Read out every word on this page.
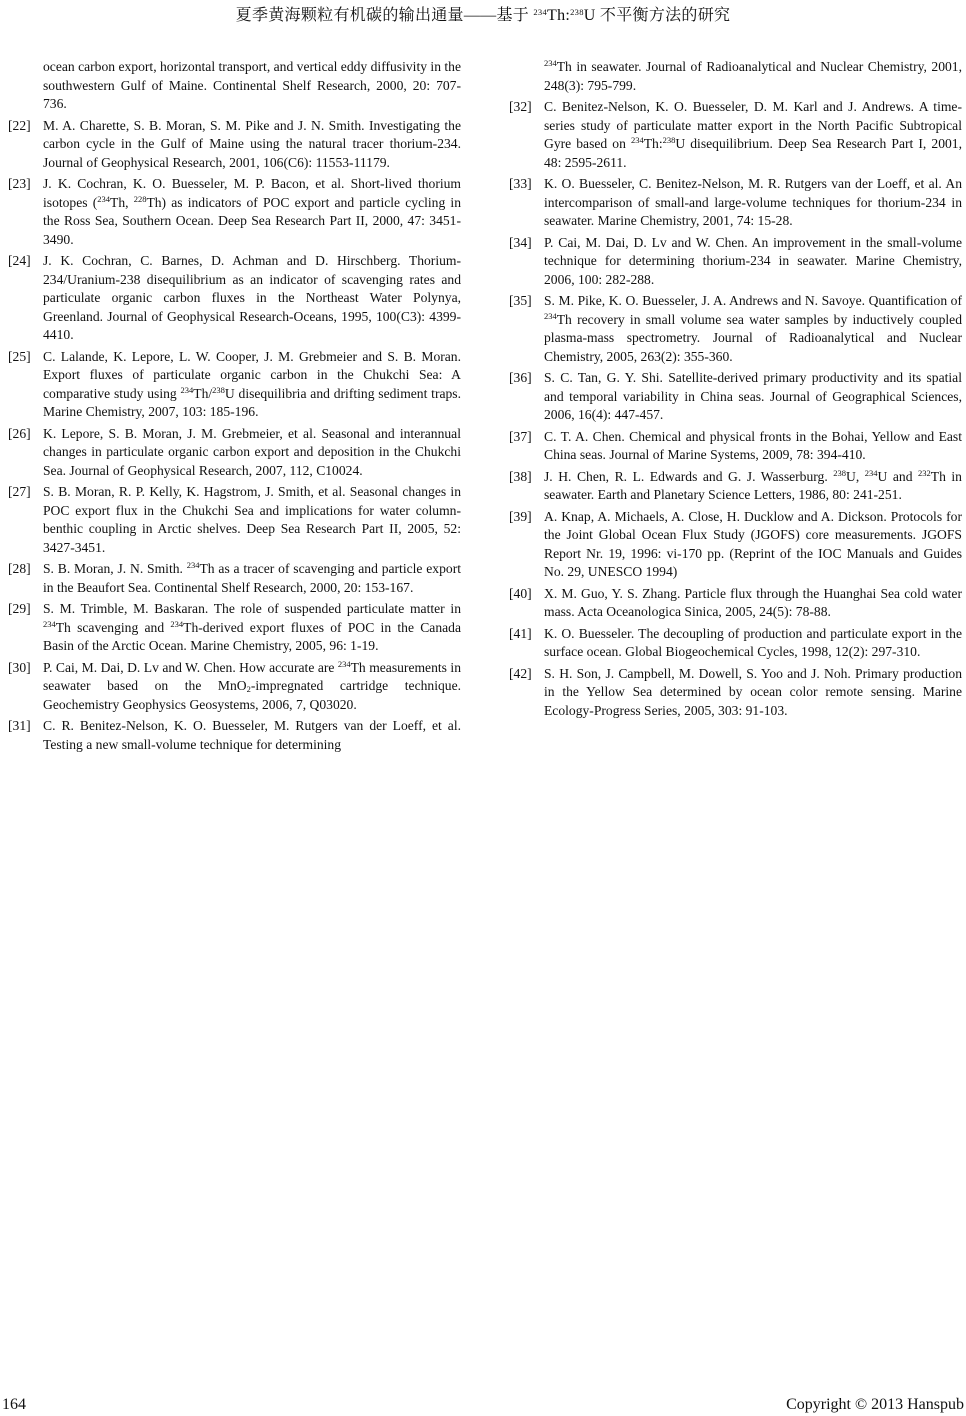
夏季黄海颗粒有机碳的输出通量——基于 $^{234}$Th:$^{238}$U 不平衡方法的研究
ocean carbon export, horizontal transport, and vertical eddy diffusivity in the southwestern Gulf of Maine. Continental Shelf Research, 2000, 20: 707-736.
[22] M. A. Charette, S. B. Moran, S. M. Pike and J. N. Smith. Investigating the carbon cycle in the Gulf of Maine using the natural tracer thorium-234. Journal of Geophysical Research, 2001, 106(C6): 11553-11179.
[23] J. K. Cochran, K. O. Buesseler, M. P. Bacon, et al. Short-lived thorium isotopes ($^{234}$Th, $^{228}$Th) as indicators of POC export and particle cycling in the Ross Sea, Southern Ocean. Deep Sea Research Part II, 2000, 47: 3451-3490.
[24] J. K. Cochran, C. Barnes, D. Achman and D. Hirschberg. Thorium-234/Uranium-238 disequilibrium as an indicator of scavenging rates and particulate organic carbon fluxes in the Northeast Water Polynya, Greenland. Journal of Geophysical Research-Oceans, 1995, 100(C3): 4399-4410.
[25] C. Lalande, K. Lepore, L. W. Cooper, J. M. Grebmeier and S. B. Moran. Export fluxes of particulate organic carbon in the Chukchi Sea: A comparative study using $^{234}$Th/$^{238}$U disequilibria and drifting sediment traps. Marine Chemistry, 2007, 103: 185-196.
[26] K. Lepore, S. B. Moran, J. M. Grebmeier, et al. Seasonal and interannual changes in particulate organic carbon export and deposition in the Chukchi Sea. Journal of Geophysical Research, 2007, 112, C10024.
[27] S. B. Moran, R. P. Kelly, K. Hagstrom, J. Smith, et al. Seasonal changes in POC export flux in the Chukchi Sea and implications for water column-benthic coupling in Arctic shelves. Deep Sea Research Part II, 2005, 52: 3427-3451.
[28] S. B. Moran, J. N. Smith. $^{234}$Th as a tracer of scavenging and particle export in the Beaufort Sea. Continental Shelf Research, 2000, 20: 153-167.
[29] S. M. Trimble, M. Baskaran. The role of suspended particulate matter in $^{234}$Th scavenging and $^{234}$Th-derived export fluxes of POC in the Canada Basin of the Arctic Ocean. Marine Chemistry, 2005, 96: 1-19.
[30] P. Cai, M. Dai, D. Lv and W. Chen. How accurate are $^{234}$Th measurements in seawater based on the MnO$_2$-impregnated cartridge technique. Geochemistry Geophysics Geosystems, 2006, 7, Q03020.
[31] C. R. Benitez-Nelson, K. O. Buesseler, M. Rutgers van der Loeff, et al. Testing a new small-volume technique for determining
$^{234}$Th in seawater. Journal of Radioanalytical and Nuclear Chemistry, 2001, 248(3): 795-799.
[32] C. Benitez-Nelson, K. O. Buesseler, D. M. Karl and J. Andrews. A time-series study of particulate matter export in the North Pacific Subtropical Gyre based on $^{234}$Th:$^{238}$U disequilibrium. Deep Sea Research Part I, 2001, 48: 2595-2611.
[33] K. O. Buesseler, C. Benitez-Nelson, M. R. Rutgers van der Loeff, et al. An intercomparison of small-and large-volume techniques for thorium-234 in seawater. Marine Chemistry, 2001, 74: 15-28.
[34] P. Cai, M. Dai, D. Lv and W. Chen. An improvement in the small-volume technique for determining thorium-234 in seawater. Marine Chemistry, 2006, 100: 282-288.
[35] S. M. Pike, K. O. Buesseler, J. A. Andrews and N. Savoye. Quantification of $^{234}$Th recovery in small volume sea water samples by inductively coupled plasma-mass spectrometry. Journal of Radioanalytical and Nuclear Chemistry, 2005, 263(2): 355-360.
[36] S. C. Tan, G. Y. Shi. Satellite-derived primary productivity and its spatial and temporal variability in China seas. Journal of Geographical Sciences, 2006, 16(4): 447-457.
[37] C. T. A. Chen. Chemical and physical fronts in the Bohai, Yellow and East China seas. Journal of Marine Systems, 2009, 78: 394-410.
[38] J. H. Chen, R. L. Edwards and G. J. Wasserburg. $^{238}$U, $^{234}$U and $^{232}$Th in seawater. Earth and Planetary Science Letters, 1986, 80: 241-251.
[39] A. Knap, A. Michaels, A. Close, H. Ducklow and A. Dickson. Protocols for the Joint Global Ocean Flux Study (JGOFS) core measurements. JGOFS Report Nr. 19, 1996: vi-170 pp. (Reprint of the IOC Manuals and Guides No. 29, UNESCO 1994)
[40] X. M. Guo, Y. S. Zhang. Particle flux through the Huanghai Sea cold water mass. Acta Oceanologica Sinica, 2005, 24(5): 78-88.
[41] K. O. Buesseler. The decoupling of production and particulate export in the surface ocean. Global Biogeochemical Cycles, 1998, 12(2): 297-310.
[42] S. H. Son, J. Campbell, M. Dowell, S. Yoo and J. Noh. Primary production in the Yellow Sea determined by ocean color remote sensing. Marine Ecology-Progress Series, 2005, 303: 91-103.
164	Copyright © 2013 Hanspub
